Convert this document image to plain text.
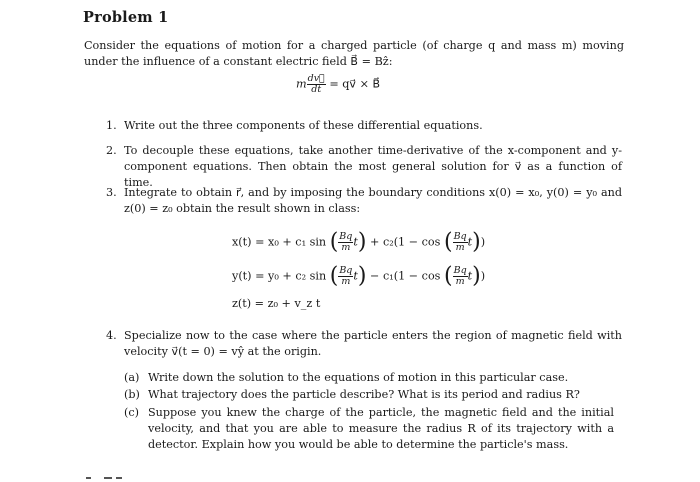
Problem 1
Consider the equations of motion for a charged particle (of charge q and mass m) moving under the influence of a constant electric field B⃗ = Bẑ:
m $\frac{dv⃗}{dt}$ = qv⃗ × B⃗
1. Write out the three components of these differential equations.
2. To decouple these equations, take another time-derivative of the x-component and y-component equations. Then obtain the most general solution for v⃗ as a function of time.
3. Integrate to obtain r⃗, and by imposing the boundary conditions x(0) = x₀, y(0) = y₀ and z(0) = z₀ obtain the result shown in class:
x(t) = x₀ + c₁ sin ( $\frac{Bq}{m} t) + c_2(1 - \cos$ ( $\frac{Bq}{m} t$))
y(t) = y₀ + c₂ sin ( $\frac{Bq}{m} t) - c_1(1 - \cos$ ( $\frac{Bq}{m} t$))
z(t) = z₀ + v_z t
4. Specialize now to the case where the particle enters the region of magnetic field with velocity v⃗(t = 0) = vŷ at the origin.
(a) Write down the solution to the equations of motion in this particular case.
(b) What trajectory does the particle describe? What is its period and radius R?
(c) Suppose you knew the charge of the particle, the magnetic field and the initial velocity, and that you are able to measure the radius R of its trajectory with a detector. Explain how you would be able to determine the particle's mass.
